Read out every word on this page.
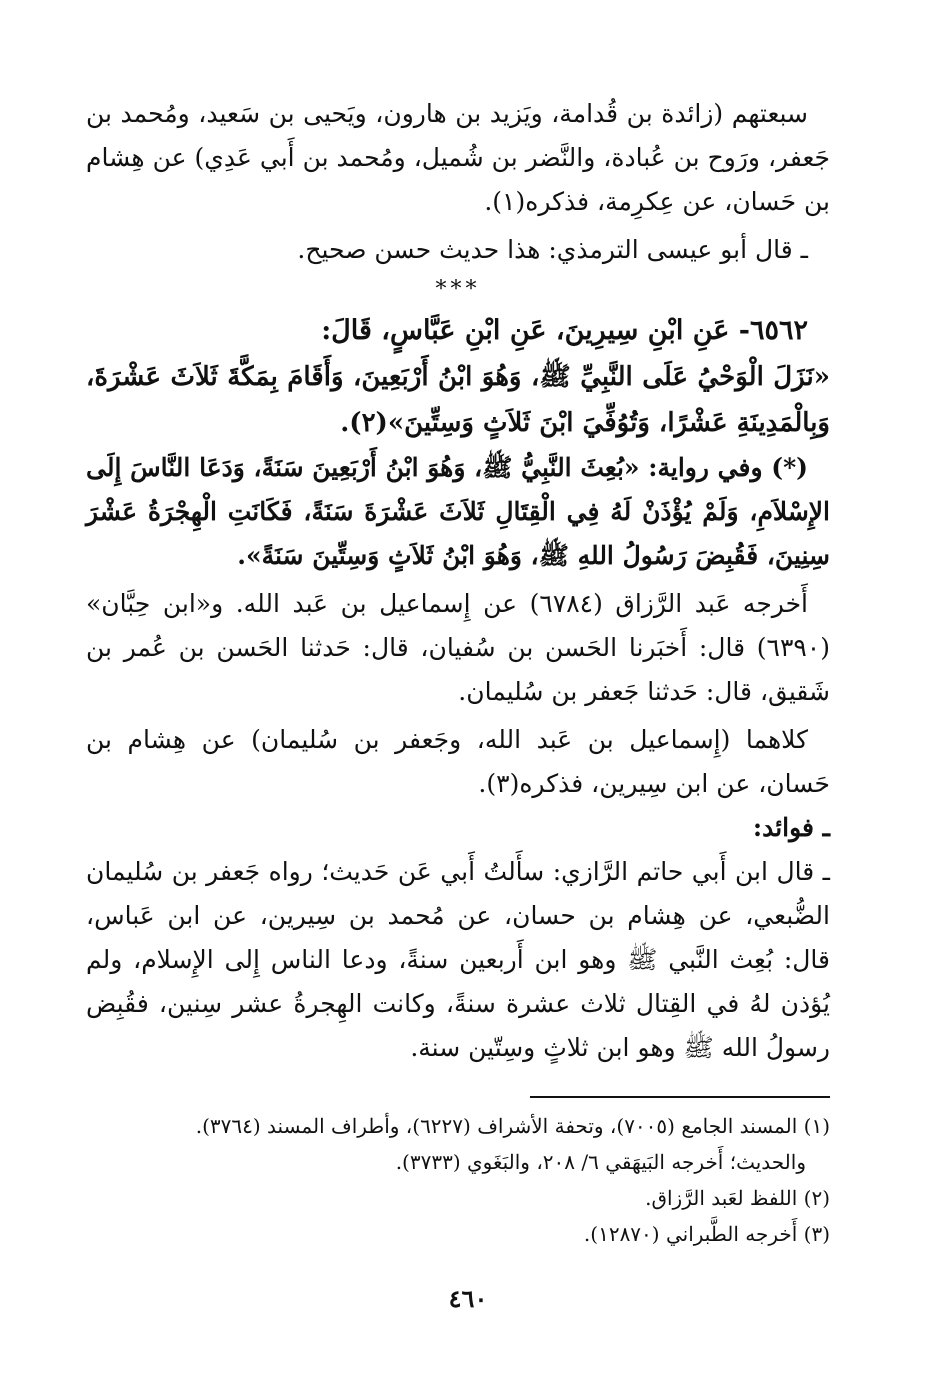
سبعتهم (زائدة بن قُدامة، ويَزيد بن هارون، ويَحيى بن سَعيد، ومُحمد بن جَعفر، ورَوح بن عُبادة، والنَّضر بن شُميل، ومُحمد بن أَبي عَدِي) عن هِشام بن حَسان، عن عِكرِمة، فذكره(١).

ـ قال أبو عيسى الترمذي: هذا حديث حسن صحيح.

***

٦٥٦٢- عَنِ ابْنِ سِيرِينَ، عَنِ ابْنِ عَبَّاسٍ، قَالَ:

«نَزَلَ الْوَحْيُ عَلَى النَّبِيِّ ﷺ، وَهُوَ ابْنُ أَرْبَعِينَ، وَأَقَامَ بِمَكَّةَ ثَلاَثَ عَشْرَةَ، وَبِالْمَدِينَةِ عَشْرًا، وَتُوُفِّيَ ابْنَ ثَلاَثٍ وَسِتِّينَ»(٢).

(*) وفي رواية: «بُعِثَ النَّبِيُّ ﷺ، وَهُوَ ابْنُ أَرْبَعِينَ سَنَةً، وَدَعَا النَّاسَ إِلَى الإِسْلاَمِ، وَلَمْ يُؤْذَنْ لَهُ فِي الْقِتَالِ ثَلاَثَ عَشْرَةَ سَنَةً، فَكَانَتِ الْهِجْرَةُ عَشْرَ سِنِينَ، فَقُبِضَ رَسُولُ اللهِ ﷺ، وَهُوَ ابْنُ ثَلاَثٍ وَسِتِّينَ سَنَةً».

أَخرجه عَبد الرَّزاق (٦٧٨٤) عن إِسماعيل بن عَبد الله. و«ابن حِبَّان» (٦٣٩٠) قال: أَخبَرنا الحَسن بن سُفيان، قال: حَدثنا الحَسن بن عُمر بن شَقيق، قال: حَدثنا جَعفر بن سُليمان.

كلاهما (إِسماعيل بن عَبد الله، وجَعفر بن سُليمان) عن هِشام بن حَسان، عن ابن سِيرين، فذكره(٣).

ـ فوائد:

ـ قال ابن أَبي حاتم الرَّازي: سأَلتُ أَبي عَن حَديث؛ رواه جَعفر بن سُليمان الضُّبعي، عن هِشام بن حسان، عن مُحمد بن سِيرين، عن ابن عَباس، قال: بُعِث النَّبي ﷺ وهو ابن أَربعين سنةً، ودعا الناس إِلى الإِسلام، ولم يُؤذن لهُ في القِتال ثلاث عشرة سنةً، وكانت الهِجرةُ عشر سِنين، فقُبِض رسولُ الله ﷺ وهو ابن ثلاثٍ وسِتّين سنة.

(١) المسند الجامع (٧٠٠٥)، وتحفة الأشراف (٦٢٢٧)، وأطراف المسند (٣٧٦٤).

والحديث؛ أَخرجه البَيهَقي ٦/ ٢٠٨، والبَغَوي (٣٧٣٣).

(٢) اللفظ لعَبد الرَّزاق.

(٣) أَخرجه الطَّبراني (١٢٨٧٠).

٤٦٠
